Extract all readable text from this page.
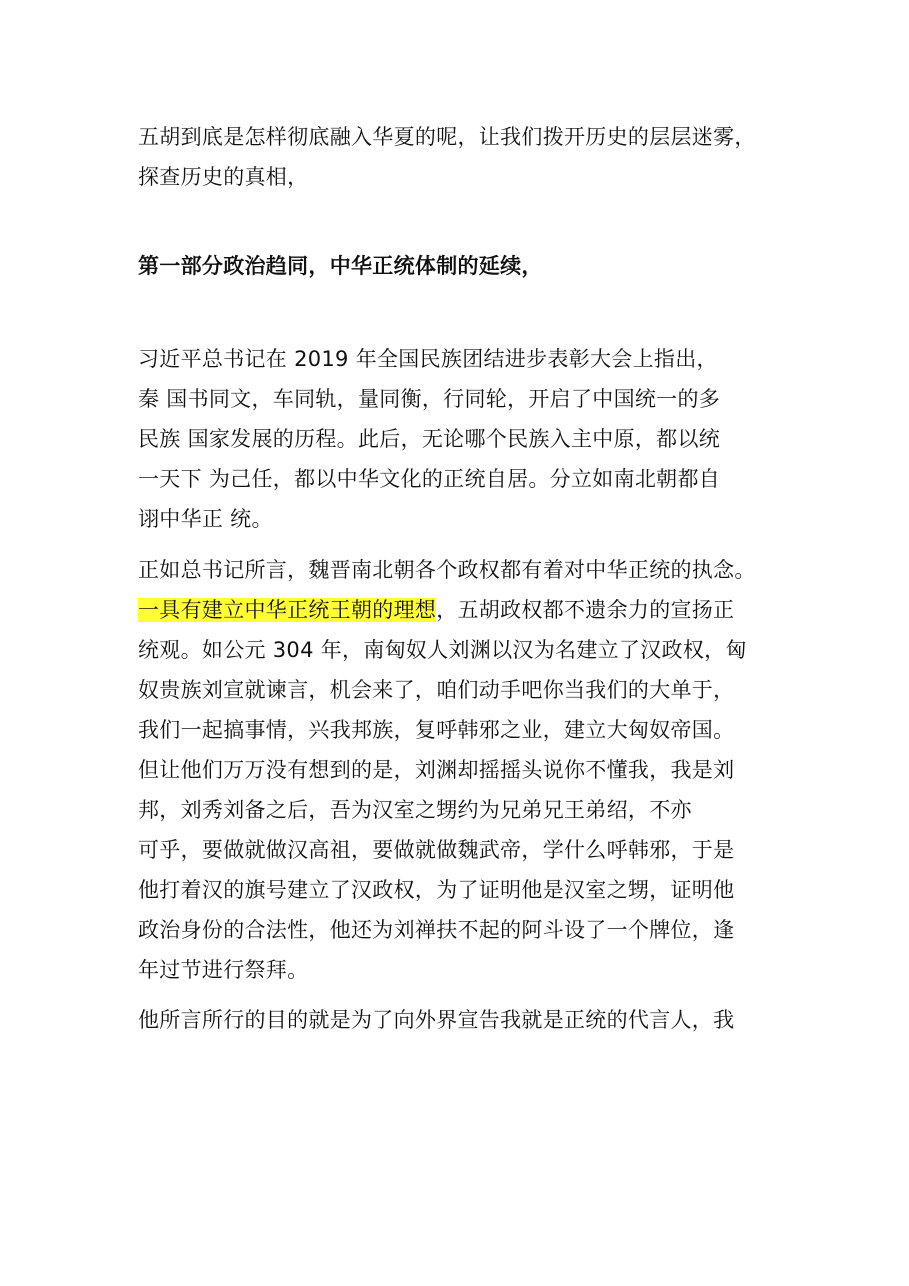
五胡到底是怎样彻底融入华夏的呢，让我们拨开历史的层层迷雾，
探查历史的真相，
第一部分政治趋同，中华正统体制的延续，
习近平总书记在 2019 年全国民族团结进步表彰大会上指出，
秦 国书同文，车同轨，量同衡，行同轮，开启了中国统一的多
民族 国家发展的历程。此后，无论哪个民族入主中原，都以统
一天下 为己任，都以中华文化的正统自居。分立如南北朝都自
诩中华正 统。
正如总书记所言，魏晋南北朝各个政权都有着对中华正统的执念。
一具有建立中华正统王朝的理想，五胡政权都不遗余力的宣扬正
统观。如公元 304 年，南匈奴人刘渊以汉为名建立了汉政权，匈
奴贵族刘宣就谏言，机会来了，咱们动手吧你当我们的大单于，
我们一起搞事情，兴我邦族，复呼韩邪之业，建立大匈奴帝国。
但让他们万万没有想到的是，刘渊却摇摇头说你不懂我，我是刘
邦，刘秀刘备之后，吾为汉室之甥约为兄弟兄王弟绍，不亦
可乎，要做就做汉高祖，要做就做魏武帝，学什么呼韩邪，于是
他打着汉的旗号建立了汉政权，为了证明他是汉室之甥，证明他
政治身份的合法性，他还为刘禅扶不起的阿斗设了一个牌位，逢
年过节进行祭拜。
他所言所行的目的就是为了向外界宣告我就是正统的代言人，我
